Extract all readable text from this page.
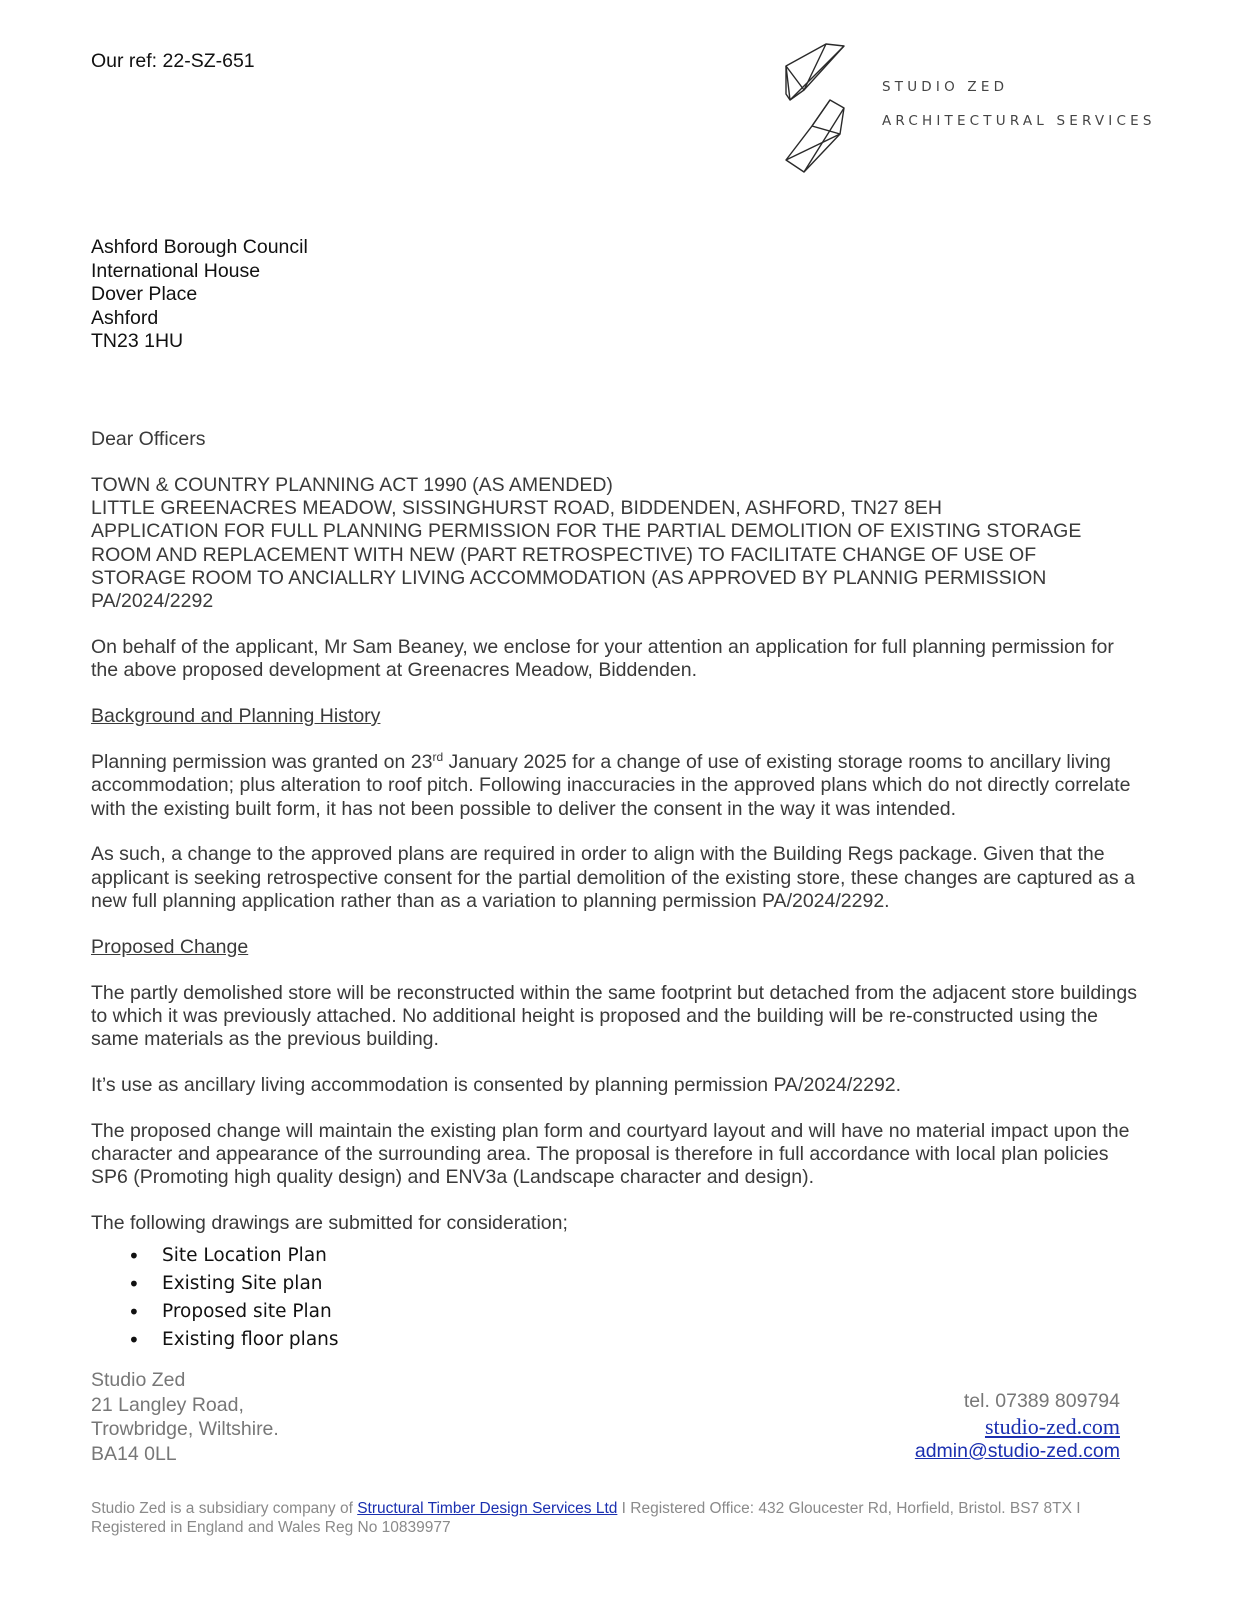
Our ref: 22-SZ-651
STUDIO ZED
ARCHITECTURAL SERVICES
Ashford Borough Council
International House
Dover Place
Ashford
TN23 1HU

Dear Officers

TOWN & COUNTRY PLANNING ACT 1990 (AS AMENDED)
LITTLE GREENACRES MEADOW, SISSINGHURST ROAD, BIDDENDEN, ASHFORD, TN27 8EH
APPLICATION FOR FULL PLANNING PERMISSION FOR THE PARTIAL DEMOLITION OF EXISTING STORAGE
ROOM AND REPLACEMENT WITH NEW (PART RETROSPECTIVE) TO FACILITATE CHANGE OF USE OF
STORAGE ROOM TO ANCIALLRY LIVING ACCOMMODATION (AS APPROVED BY PLANNIG PERMISSION
PA/2024/2292

On behalf of the applicant, Mr Sam Beaney, we enclose for your attention an application for full planning permission for the above proposed development at Greenacres Meadow, Biddenden.

Background and Planning History

Planning permission was granted on 23rd January 2025 for a change of use of existing storage rooms to ancillary living accommodation; plus alteration to roof pitch. Following inaccuracies in the approved plans which do not directly correlate with the existing built form, it has not been possible to deliver the consent in the way it was intended.

As such, a change to the approved plans are required in order to align with the Building Regs package. Given that the applicant is seeking retrospective consent for the partial demolition of the existing store, these changes are captured as a new full planning application rather than as a variation to planning permission PA/2024/2292.

Proposed Change

The partly demolished store will be reconstructed within the same footprint but detached from the adjacent store buildings to which it was previously attached. No additional height is proposed and the building will be re-constructed using the same materials as the previous building.

It’s use as ancillary living accommodation is consented by planning permission PA/2024/2292.

The proposed change will maintain the existing plan form and courtyard layout and will have no material impact upon the character and appearance of the surrounding area. The proposal is therefore in full accordance with local plan policies SP6 (Promoting high quality design) and ENV3a (Landscape character and design).

The following drawings are submitted for consideration;

• Site Location Plan
• Existing Site plan
• Proposed site Plan
• Existing floor plans
Studio Zed
21 Langley Road,
Trowbridge, Wiltshire.
BA14 0LL
tel. 07389 809794
studio-zed.com
admin@studio-zed.com
Studio Zed is a subsidiary company of Structural Timber Design Services Ltd I Registered Office: 432 Gloucester Rd, Horfield, Bristol. BS7 8TX I Registered in England and Wales Reg No 10839977
